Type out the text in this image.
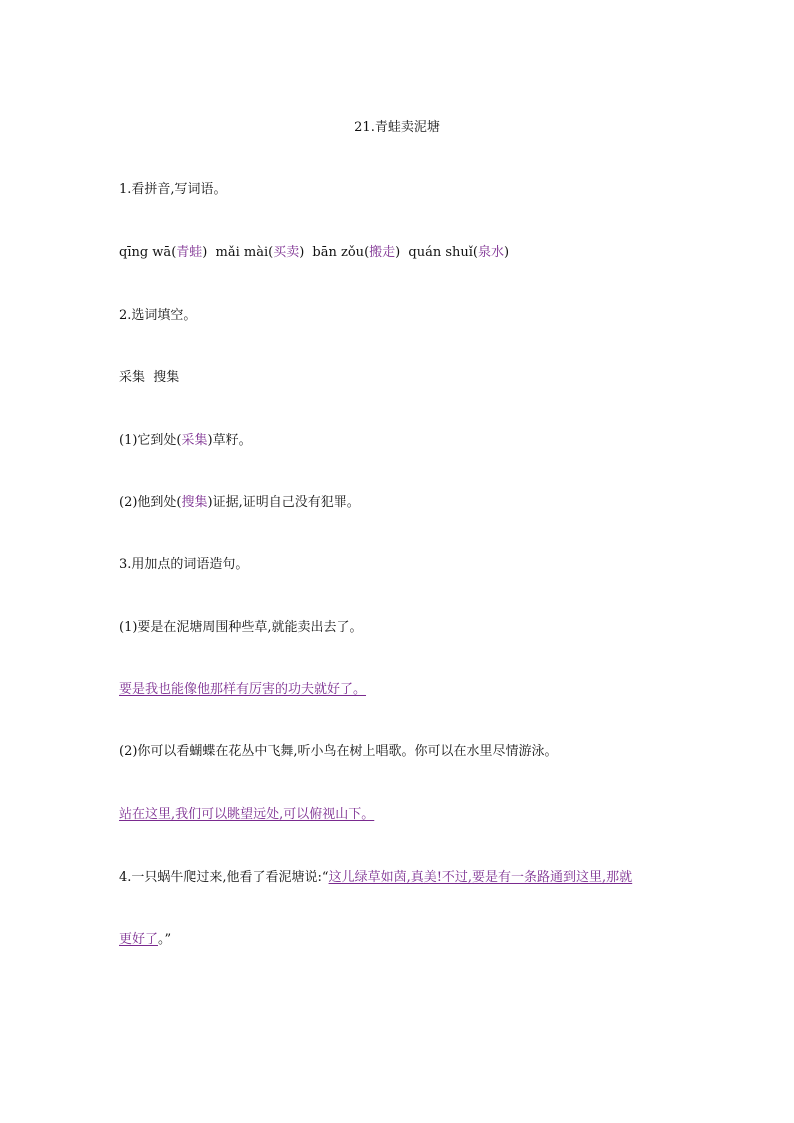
21.青蛙卖泥塘
1.看拼音,写词语。
qīng wā(青蛙) mǎi mài(买卖) bān zǒu(搬走) quán shuǐ(泉水)
2.选词填空。
采集  搜集
(1)它到处(采集)草籽。
(2)他到处(搜集)证据,证明自己没有犯罪。
3.用加点的词语造句。
(1)要是在泥塘周围种些草,就能卖出去了。
要是我也能像他那样有厉害的功夫就好了。
(2)你可以看蝴蝶在花丛中飞舞,听小鸟在树上唱歌。你可以在水里尽情游泳。
站在这里,我们可以眺望远处,可以俯视山下。
4.一只蜗牛爬过来,他看了看泥塘说:“这儿绿草如茵,真美!不过,要是有一条路通到这里,那就
更好了。”
